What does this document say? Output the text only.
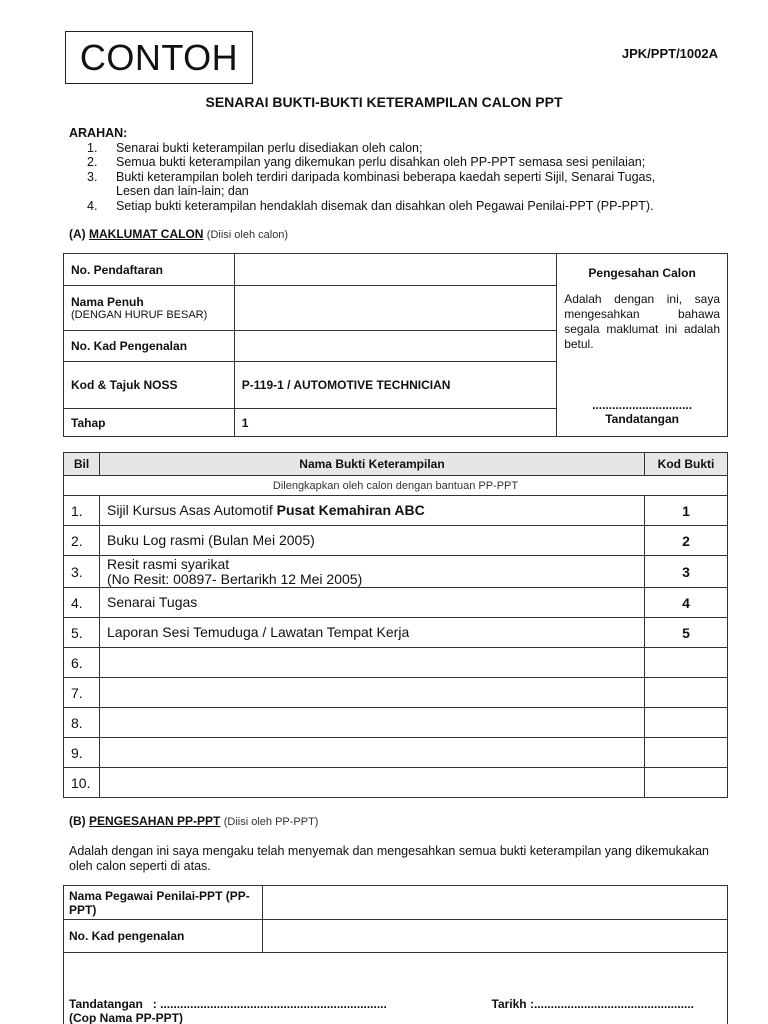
CONTOH	JPK/PPT/1002A
SENARAI BUKTI-BUKTI KETERAMPILAN CALON PPT
ARAHAN:
1.	Senarai bukti keterampilan perlu disediakan oleh calon;
2.	Semua bukti keterampilan yang dikemukan perlu disahkan oleh PP-PPT semasa sesi penilaian;
3.	Bukti keterampilan boleh terdiri daripada kombinasi beberapa kaedah seperti Sijil, Senarai Tugas, Lesen dan lain-lain; dan
4.	Setiap bukti keterampilan hendaklah disemak dan disahkan oleh Pegawai Penilai-PPT (PP-PPT).
(A) MAKLUMAT CALON (Diisi oleh calon)
No. Pendaftaran		Pengesahan Calon
Adalah dengan ini, saya mengesahkan bahawa segala maklumat ini adalah betul.
..............................
Tandatangan

Nama Penuh
(DENGAN HURUF BESAR)		

No. Kad Pengenalan		
Kod & Tajuk NOSS	P-119-1 / AUTOMOTIVE TECHNICIAN	
Tahap	1	
Bil	Nama Bukti Keterampilan	Kod Bukti
Dilengkapkan oleh calon dengan bantuan PP-PPT		
1.	Sijil Kursus Asas Automotif Pusat Kemahiran ABC	1
2.	Buku Log rasmi (Bulan Mei 2005)	2
3.	Resit rasmi syarikat
(No Resit: 00897- Bertarikh 12 Mei 2005)	3
4.	Senarai Tugas	4
5.	Laporan Sesi Temuduga / Lawatan Tempat Kerja	5
6.		
7.		
8.		
9.		
10.		
(B) PENGESAHAN PP-PPT (Diisi oleh PP-PPT)
Adalah dengan ini saya mengaku telah menyemak dan mengesahkan semua bukti keterampilan yang dikemukakan oleh calon seperti di atas.
Nama Pegawai Penilai-PPT (PP-PPT)	
No. Kad pengenalan	

Tandatangan   : .................................................................... Tarikh :................................................
(Cop Nama PP-PPT)	
